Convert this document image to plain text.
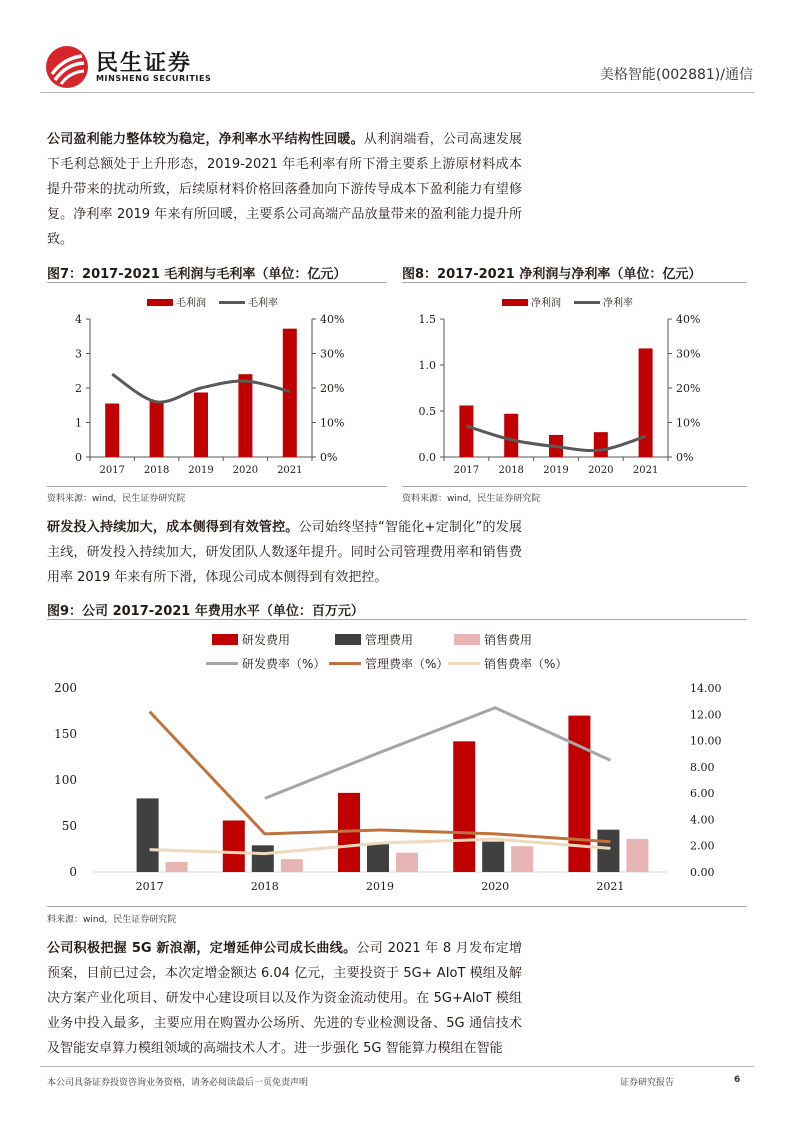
民生证券
MINSHENG SECURITIES	美格智能(002881)/通信
公司盈利能力整体较为稳定，净利率水平结构性回暖。从利润端看，公司高速发展下毛利总额处于上升形态，2019-2021 年毛利率有所下滑主要系上游原材料成本提升带来的扰动所致，后续原材料价格回落叠加向下游传导成本下盈利能力有望修复。净利率 2019 年来有所回暖，主要系公司高端产品放量带来的盈利能力提升所致。
图7：2017-2021 毛利润与毛利率（单位：亿元）
毛利润	毛利率
0
1
2
3
4
0%
10%
20%
30%
40%
2017 2018 2019 2020 2021
资料来源：wind，民生证券研究院
图8：2017-2021 净利润与净利率（单位：亿元）
净利润	净利率
0.0
0.5
1.0
1.5
0%
10%
20%
30%
40%
2017 2018 2019 2020 2021
资料来源：wind，民生证券研究院
研发投入持续加大，成本侧得到有效管控。公司始终坚持“智能化+定制化”的发展主线，研发投入持续加大，研发团队人数逐年提升。同时公司管理费用率和销售费用率 2019 年来有所下滑，体现公司成本侧得到有效把控。
图9：公司 2017-2021 年费用水平（单位：百万元）
研发费用	管理费用	销售费用
研发费率（%）	管理费率（%）	销售费率（%）
0
50
100
150
200
0.00
2.00
4.00
6.00
8.00
10.00
12.00
14.00
2017	2018	2019	2020	2021
料来源：wind，民生证券研究院
公司积极把握 5G 新浪潮，定增延伸公司成长曲线。公司 2021 年 8 月发布定增预案，目前已过会，本次定增金额达 6.04 亿元，主要投资于 5G+ AIoT 模组及解决方案产业化项目、研发中心建设项目以及作为资金流动使用。在 5G+AIoT 模组业务中投入最多，主要应用在购置办公场所、先进的专业检测设备、5G 通信技术及智能安卓算力模组领域的高端技术人才。进一步强化 5G 智能算力模组在智能
本公司具备证券投资咨询业务资格，请务必阅读最后一页免责声明	证券研究报告	6
